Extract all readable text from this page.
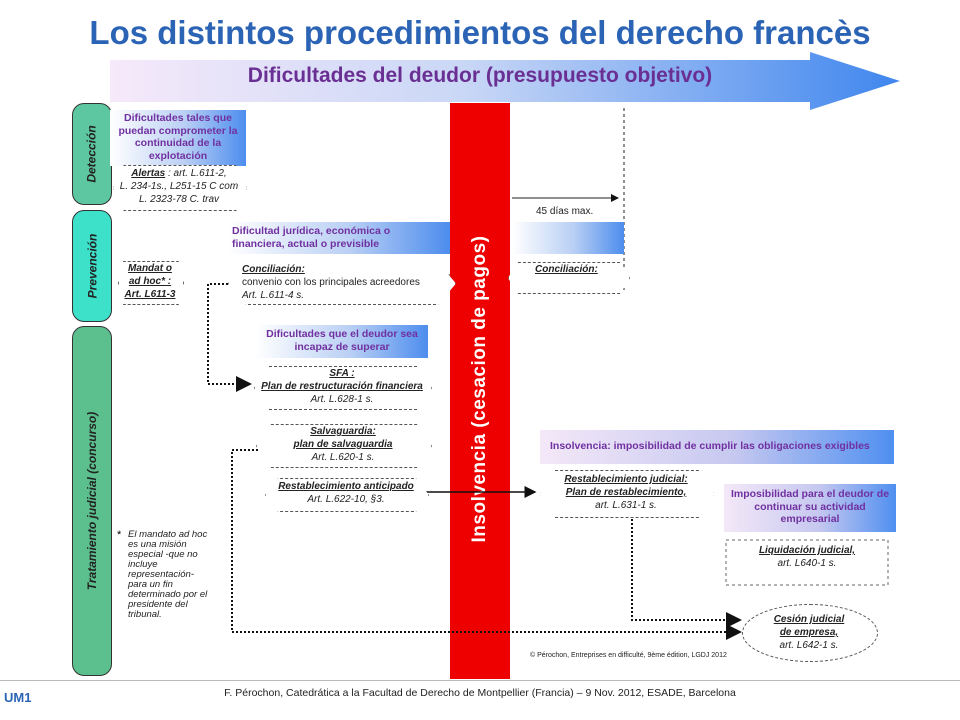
Los distintos procedimientos del derecho francès
Dificultades del deudor (presupuesto objetivo)
Detección
Prevención
Tratamiento judicial (concurso)	Insolvencia (cesacion de pagos)
Dificultades tales que
puedan comprometer la
continuidad de la
explotación
Alertas : art. L.611-2,
L. 234-1s., L251-15 C com
L. 2323-78 C. trav
Dificultad jurídica, económica o
financiera, actual o previsible
Mandat o
ad hoc* :
Art. L611-3
Conciliación:
convenio con los principales acreedores
Art. L.611-4 s.
Conciliación:
45 días max.
Dificultades que el deudor sea
incapaz de superar
SFA :
Plan de restructuración financiera
Art. L.628-1 s.
Salvaguardia:
plan de salvaguardia
Art. L.620-1 s.
Restablecimiento anticipado
Art. L.622-10, §3.
* El mandato ad hoc
es una misión
especial -que no
incluye
representación-
para un fin
determinado por el
presidente del
tribunal.
Insolvencia: imposibilidad de cumplir las obligaciones exigibles
Restablecimiento judicial:
Plan de restablecimiento,
art. L.631-1 s.
Imposibilidad para el deudor de
continuar su actividad
empresarial
Liquidación judicial,
art. L640-1 s.
Cesión judicial
de empresa,
art. L642-1 s.
© Pérochon, Entreprises en difficulté, 9ème édition, LGDJ 2012
F. Pérochon, Catedrática a la Facultad de Derecho de Montpellier (Francia) – 9 Nov. 2012, ESADE, Barcelona
UM1
